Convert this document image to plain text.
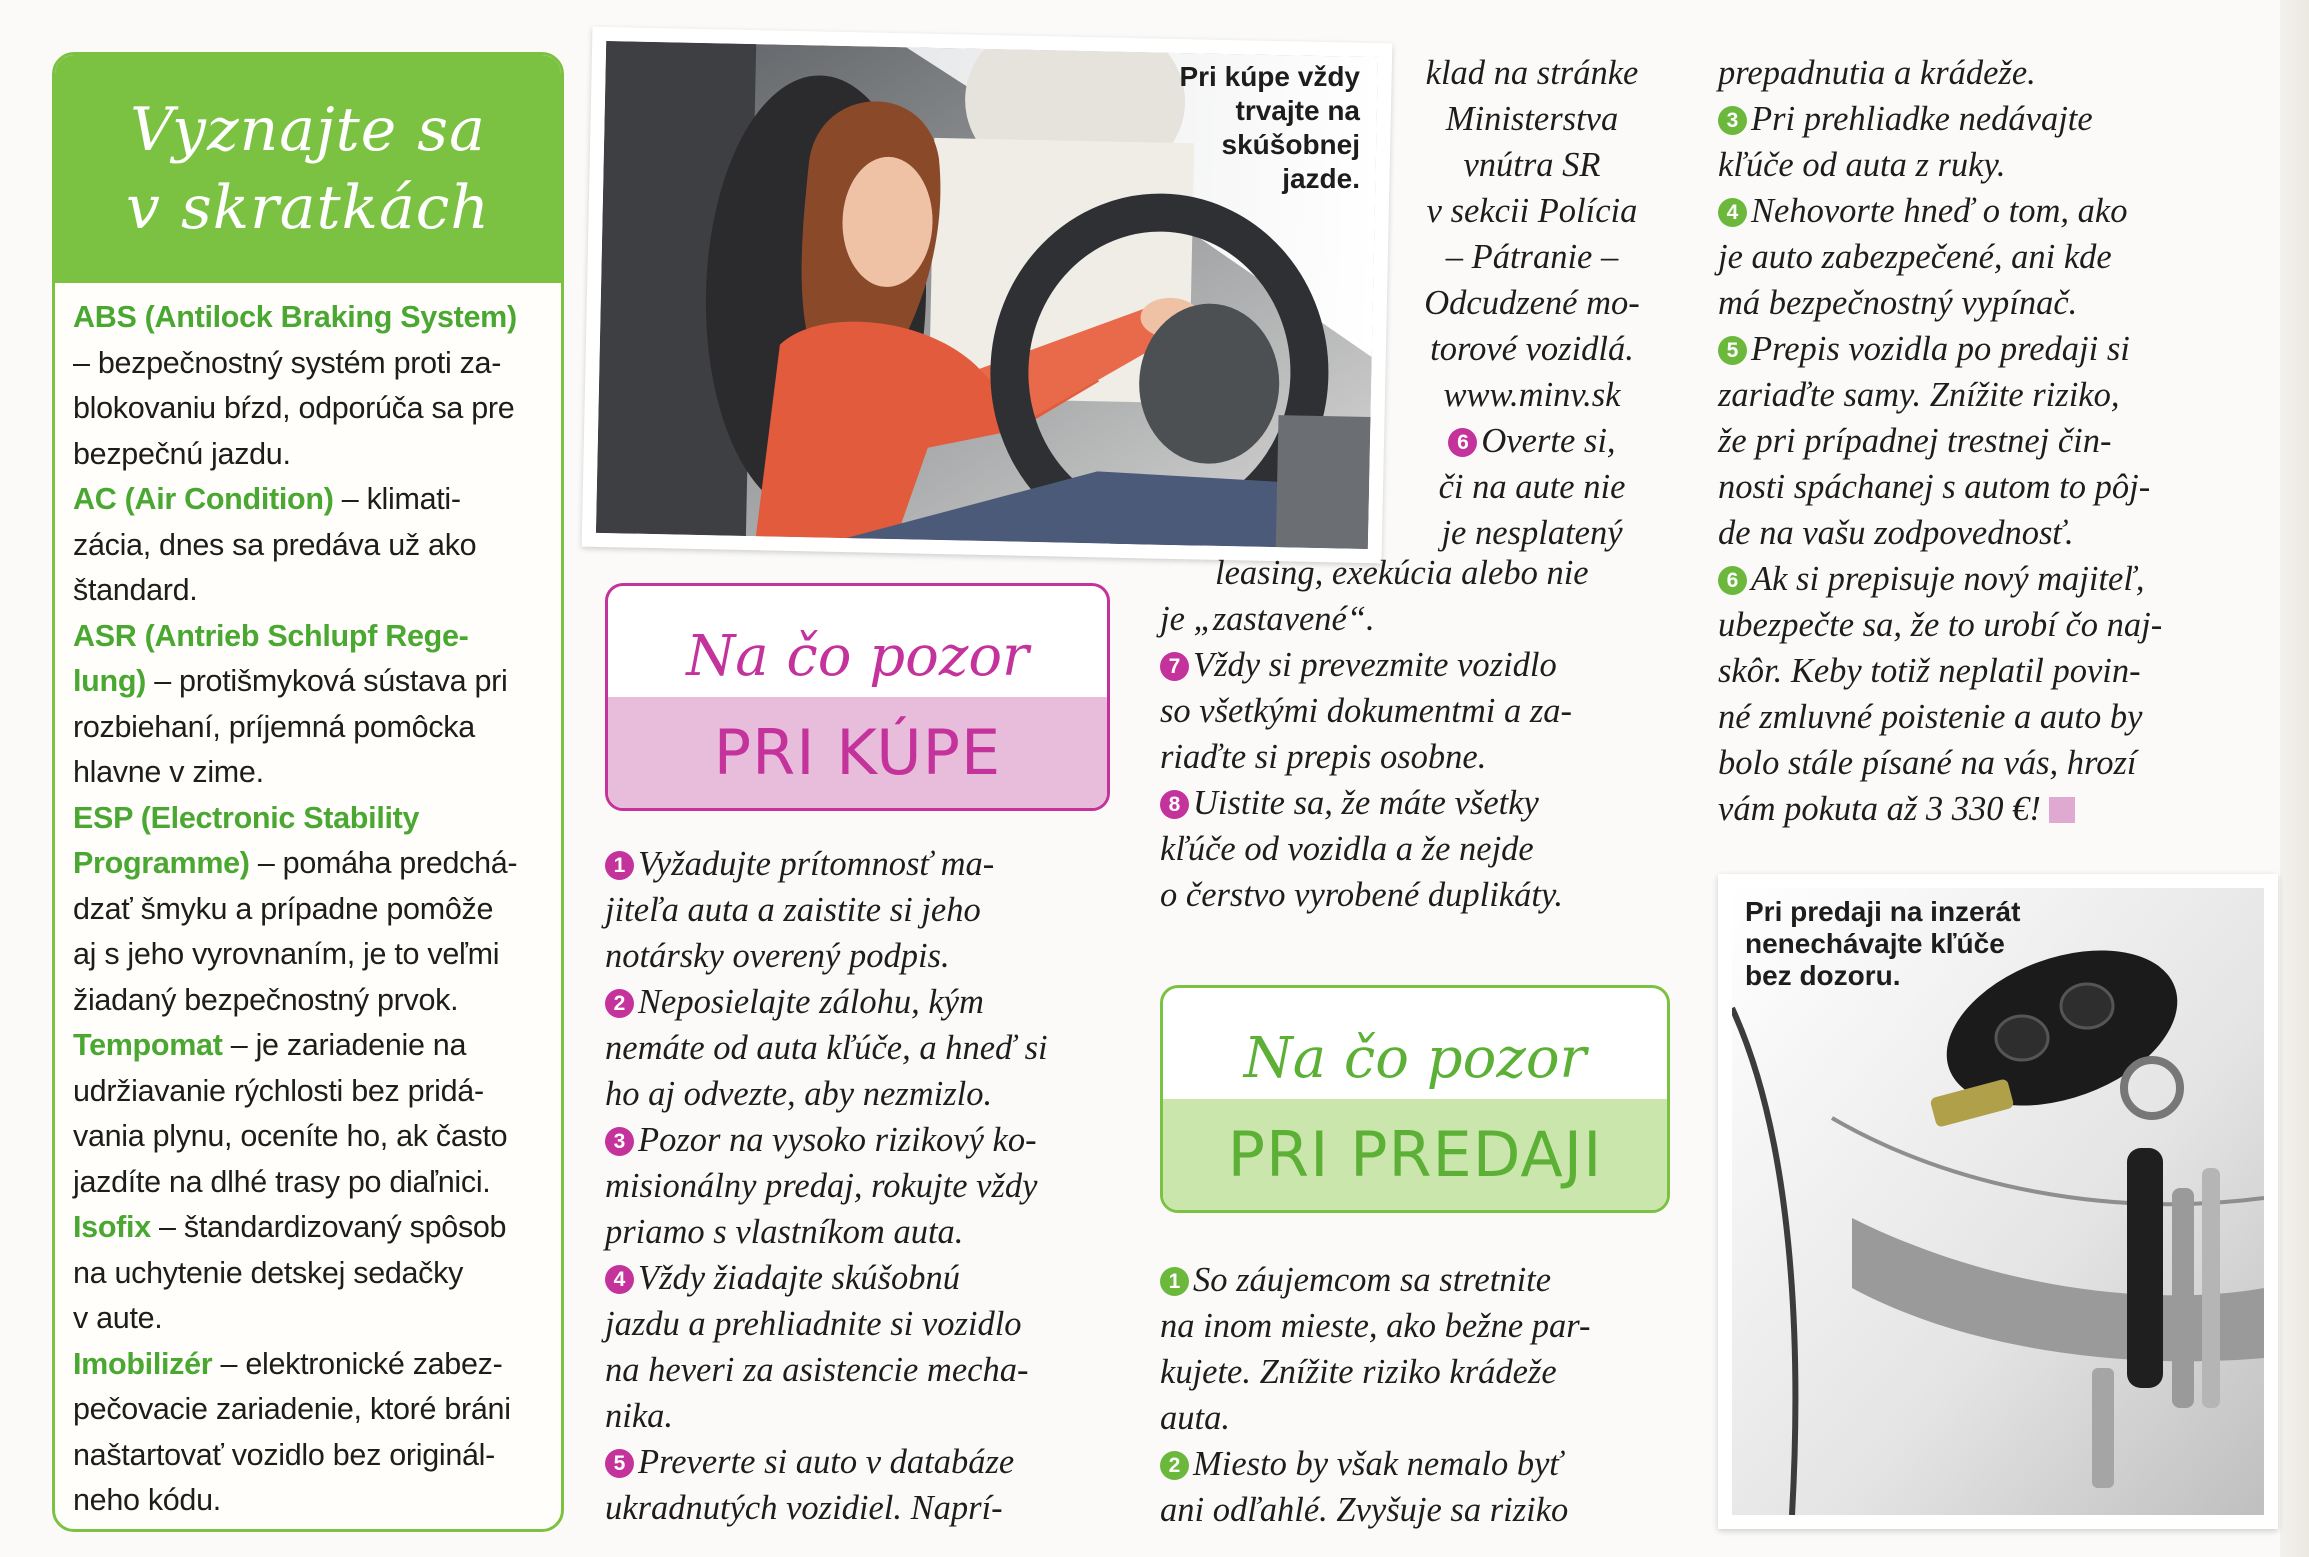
Vyznajte sa
v skratkách

ABS (Antilock Braking System)

– bezpečnostný systém proti za-

blokovaniu bŕzd, odporúča sa pre

bezpečnú jazdu.

AC (Air Condition) – klimati-

zácia, dnes sa predáva už ako

štandard.

ASR (Antrieb Schlupf Rege-

lung) – protišmyková sústava pri

rozbiehaní, príjemná pomôcka

hlavne v zime.

ESP (Electronic Stability

Programme) – pomáha predchá-

dzať šmyku a prípadne pomôže

aj s jeho vyrovnaním, je to veľmi

žiadaný bezpečnostný prvok.

Tempomat – je zariadenie na

udržiavanie rýchlosti bez pridá-

vania plynu, oceníte ho, ak často

jazdíte na dlhé trasy po diaľnici.

Isofix – štandardizovaný spôsob

na uchytenie detskej sedačky

v aute.

Imobilizér – elektronické zabez-

pečovacie zariadenie, ktoré bráni

naštartovať vozidlo bez originál-

neho kódu.

Pri kúpe vždy
trvajte na
skúšobnej
jazde.
Na čo pozor
PRI KÚPE

1 Vyžadujte prítomnosť ma-

jiteľa auta a zaistite si jeho

notársky overený podpis.

2 Neposielajte zálohu, kým

nemáte od auta kľúče, a hneď si

ho aj odvezte, aby nezmizlo.

3 Pozor na vysoko rizikový ko-

misionálny predaj, rokujte vždy

priamo s vlastníkom auta.

4 Vždy žiadajte skúšobnú

jazdu a prehliadnite si vozidlo

na heveri za asistencie mecha-

nika.

5 Preverte si auto v databáze

ukradnutých vozidiel. Naprí-

klad na stránke

Ministerstva

vnútra SR

v sekcii Polícia

– Pátranie –

Odcudzené mo-

torové vozidlá.

www.minv.sk

6 Overte si,

či na aute nie

je nesplatený

leasing, exekúcia alebo nie

je „zastavené“.

7 Vždy si prevezmite vozidlo

so všetkými dokumentmi a za-

riaďte si prepis osobne.

8 Uistite sa, že máte všetky

kľúče od vozidla a že nejde

o čerstvo vyrobené duplikáty.

Na čo pozor
PRI PREDAJI

1 So záujemcom sa stretnite

na inom mieste, ako bežne par-

kujete. Znížite riziko krádeže

auta.

2 Miesto by však nemalo byť

ani odľahlé. Zvyšuje sa riziko

prepadnutia a krádeže.

3 Pri prehliadke nedávajte

kľúče od auta z ruky.

4 Nehovorte hneď o tom, ako

je auto zabezpečené, ani kde

má bezpečnostný vypínač.

5 Prepis vozidla po predaji si

zariaďte samy. Znížite riziko,

že pri prípadnej trestnej čin-

nosti spáchanej s autom to pôj-

de na vašu zodpovednosť.

6 Ak si prepisuje nový majiteľ,

ubezpečte sa, že to urobí čo naj-

skôr. Keby totiž neplatil povin-

né zmluvné poistenie a auto by

bolo stále písané na vás, hrozí

vám pokuta až 3 330 €!

Pri predaji na inzerát
nenechávajte kľúče
bez dozoru.
